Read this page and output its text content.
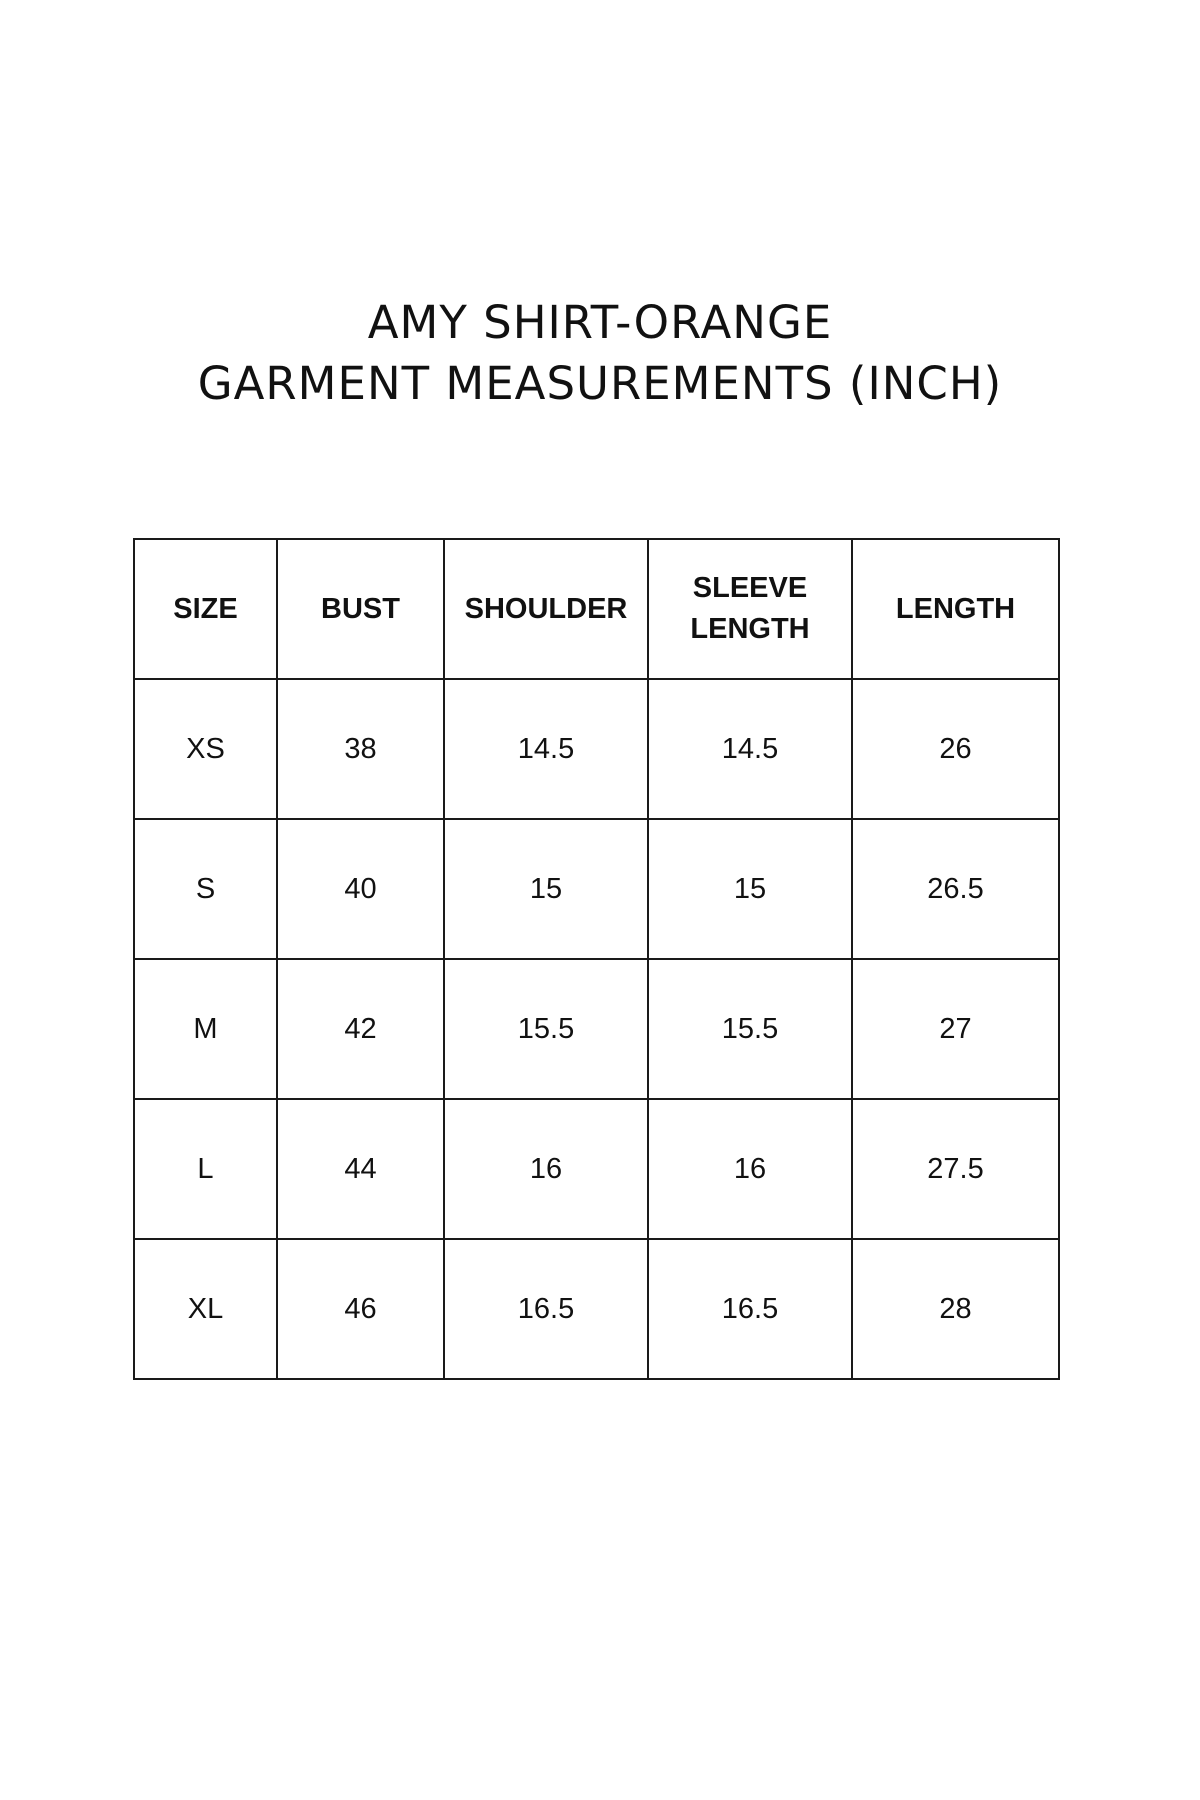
AMY SHIRT-ORANGE
GARMENT MEASUREMENTS (INCH)
SIZE	BUST	SHOULDER	SLEEVE LENGTH	LENGTH
XS	38	14.5	14.5	26
S	40	15	15	26.5
M	42	15.5	15.5	27
L	44	16	16	27.5
XL	46	16.5	16.5	28
